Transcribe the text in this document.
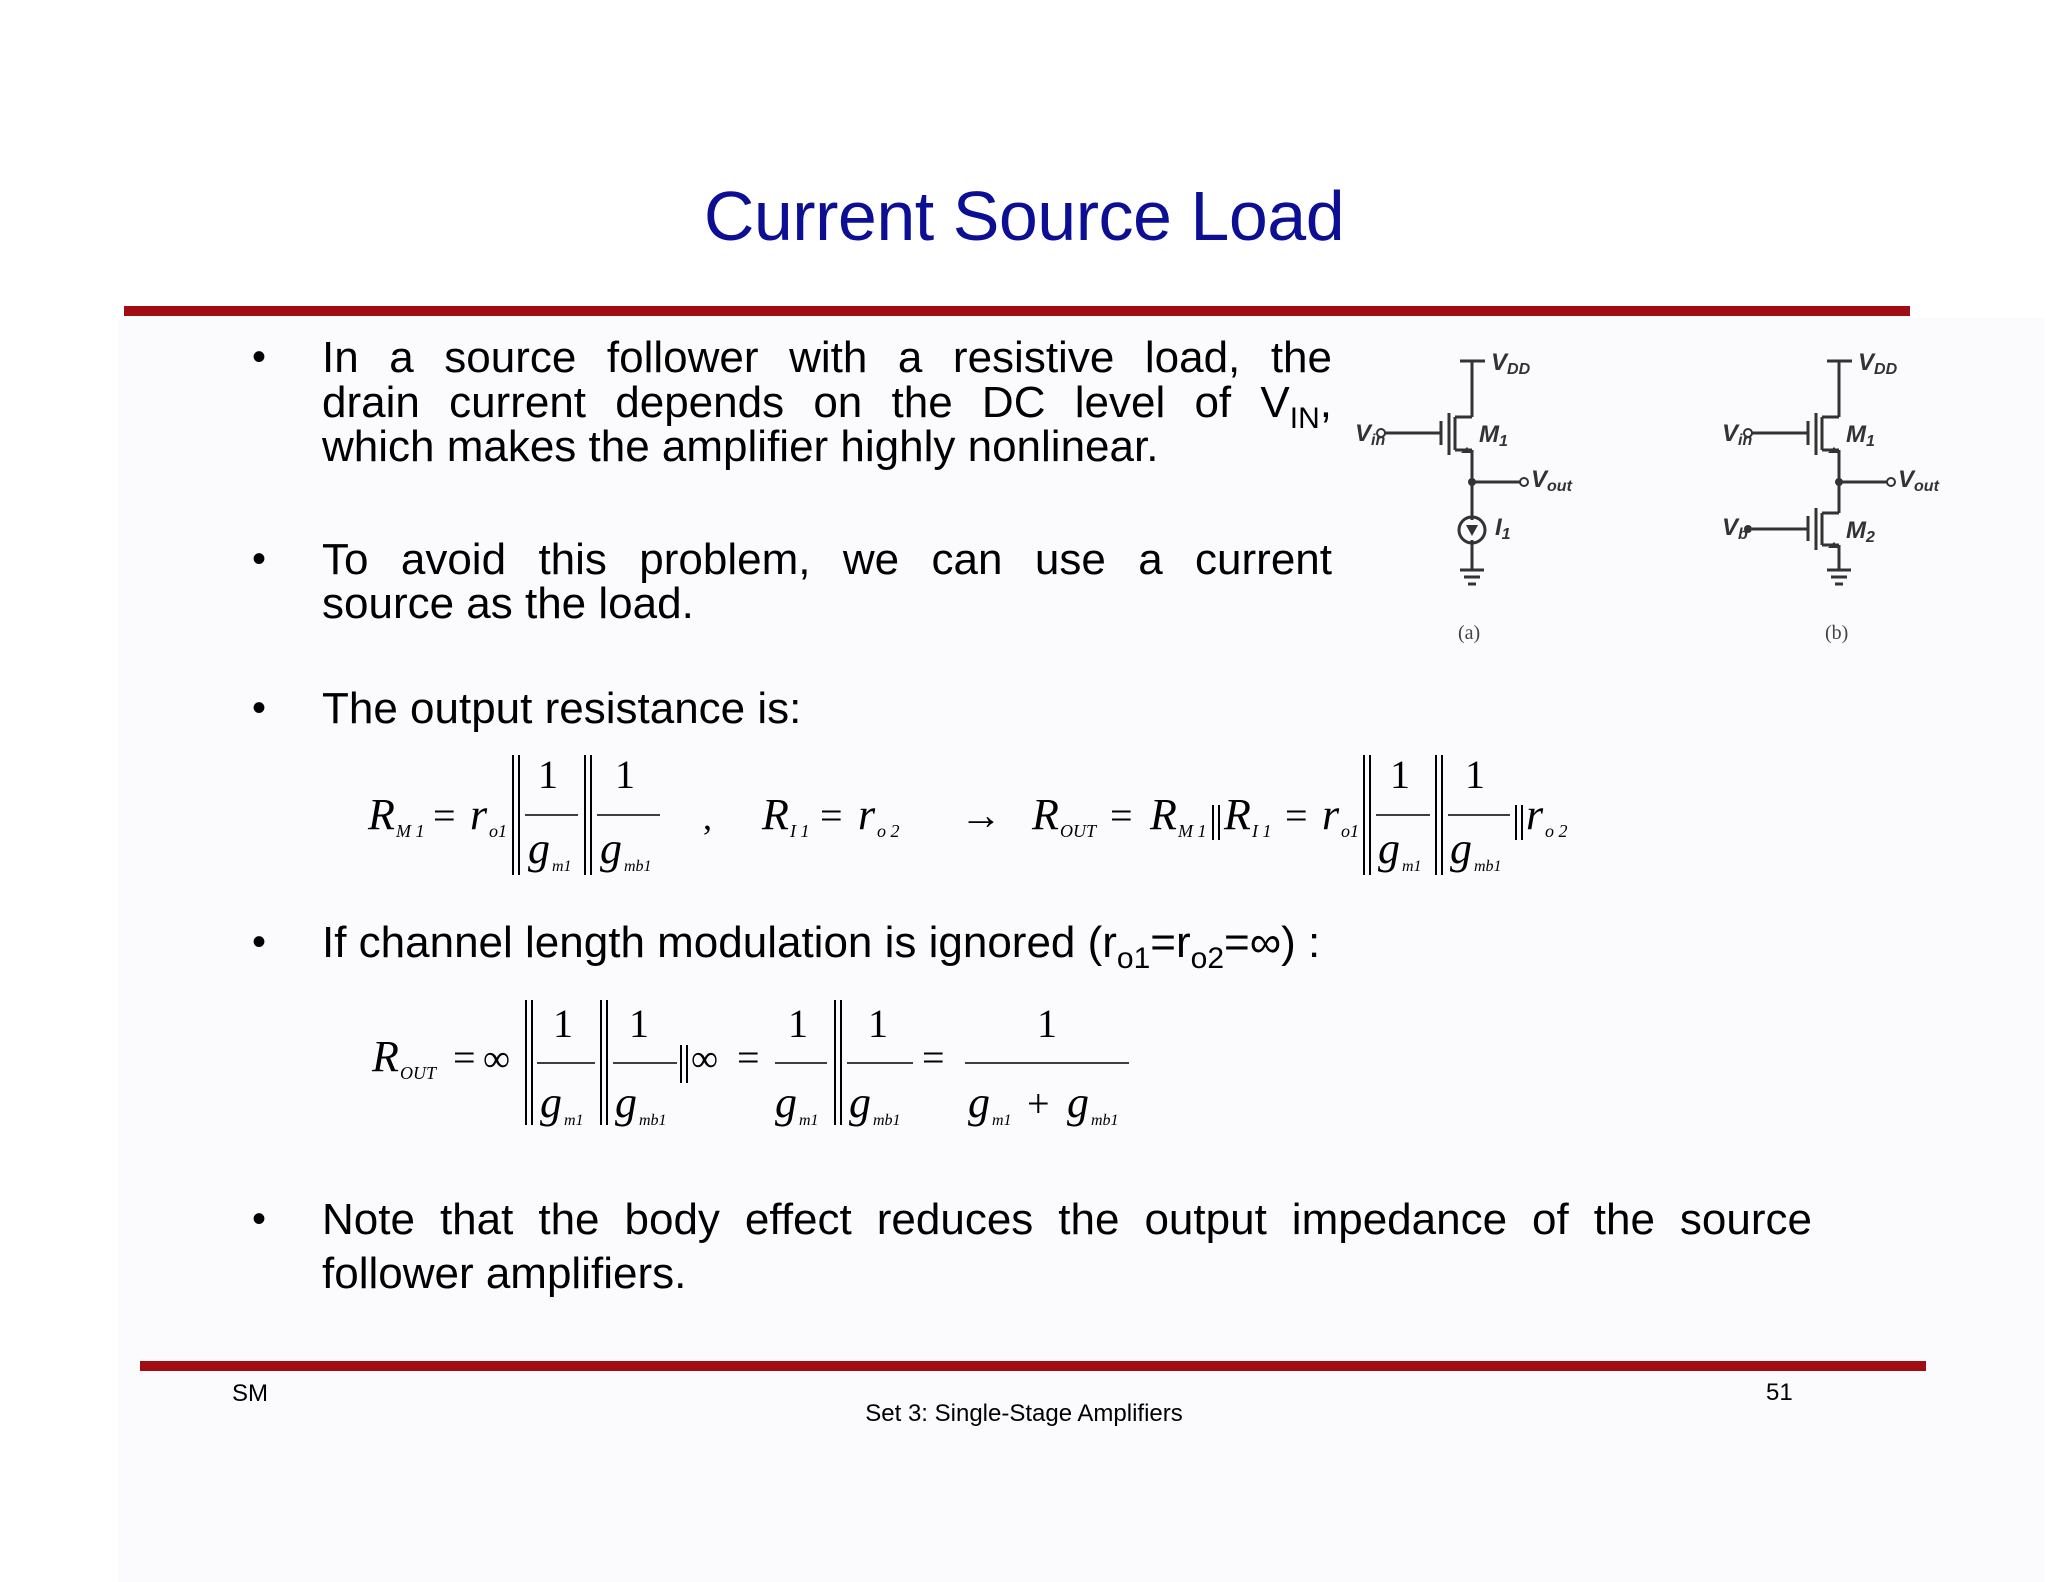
Current Source Load
• In a source follower with a resistive load, the
drain current depends on the DC level of $V_{IN}$,
which makes the amplifier highly nonlinear.
• To avoid this problem, we can use a current
source as the load.
• The output resistance is:
• If channel length modulation is ignored $(r_{o1}=r_{o2}=\infty)$ :
• Note that the body effect reduces the output impedance of the source
follower amplifiers.
R M 1 = r o1
1
g m1
1
g mb1
, R I 1 = r o 2 → R OUT = R M 1 R I 1 = r o1
1
g m1
1
g mb1
r o 2
R OUT = ∞
1
g m1
1
g mb1
∞ =
1
g m1
1
g mb1
=
1
g m1 + g mb1
VDD
Vin	M1
Vout
I1
(a)
VDD
Vin	M1
Vout
Vb	M2
(b)
SM
Set 3: Single-Stage Amplifiers
51
